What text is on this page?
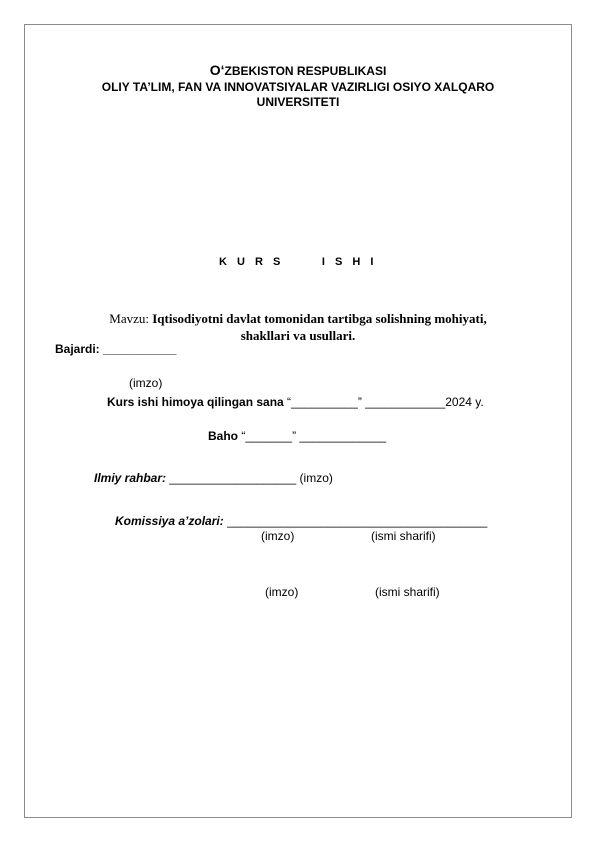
O‘ZBEKISTON RESPUBLIKASI
OLIY TA’LIM, FAN VA INNOVATSIYALAR VAZIRLIGI OSIYO XALQARO
UNIVERSITETI
K U R S	I S H I
Mavzu: Iqtisodiyotni davlat tomonidan tartibga solishning mohiyati,
shakllari va usullari.
Bajardi: ___________
(imzo)
Kurs ishi himoya qilingan sana “__________” ____________2024 y.
Baho “_______” _____________
Ilmiy rahbar: ___________________ (imzo)
Komissiya a’zolari: _______________________________________
(imzo)	(ismi sharifi)
(imzo)	(ismi sharifi)
